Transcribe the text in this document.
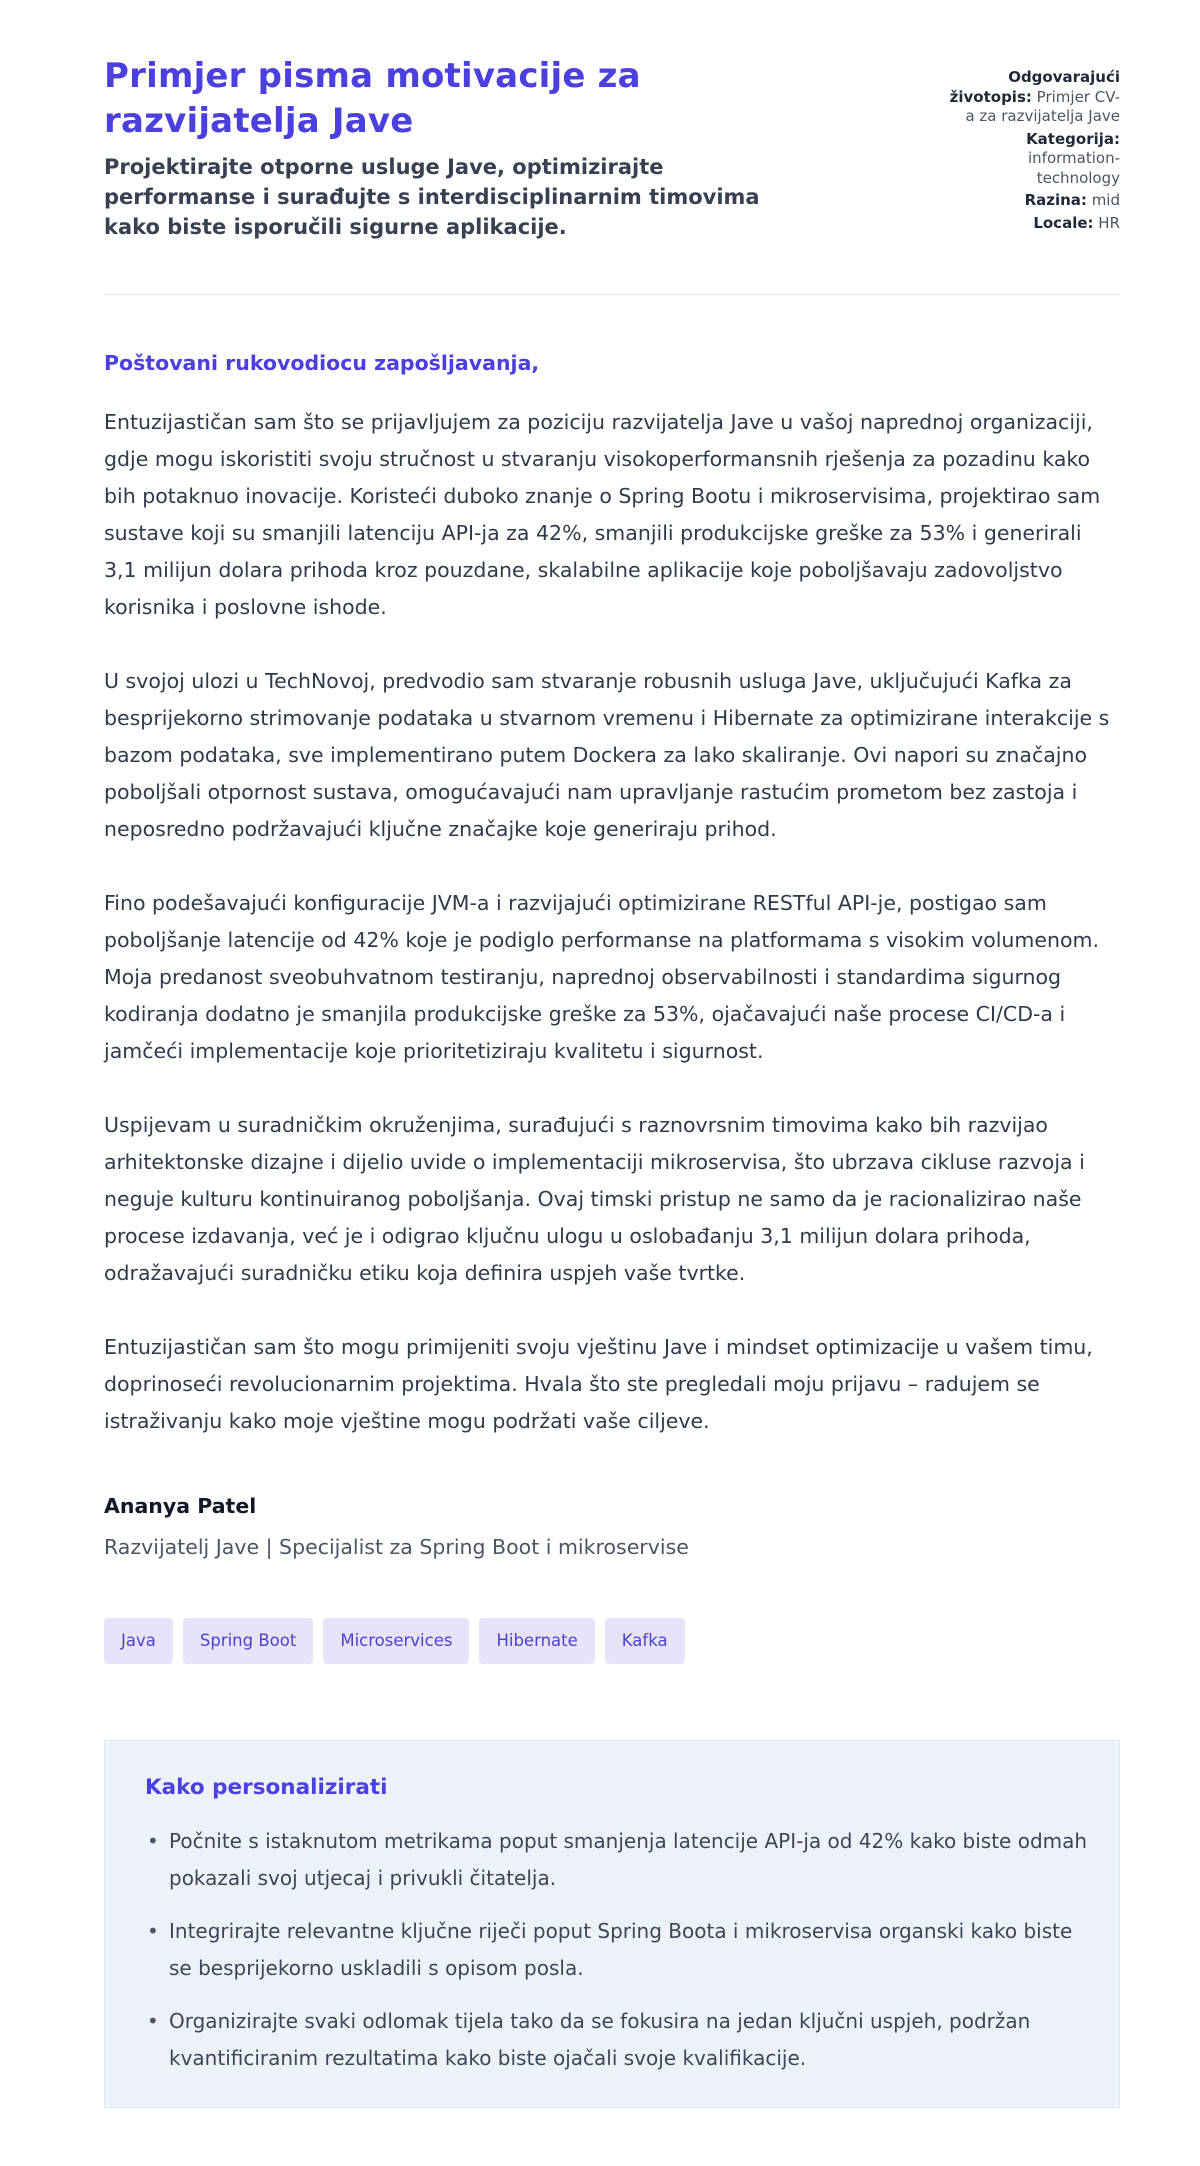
Primjer pisma motivacije za razvijatelja Jave

Projektirajte otporne usluge Jave, optimizirajte performanse i surađujte s interdisciplinarnim timovima kako biste isporučili sigurne aplikacije.

Odgovarajući životopis: Primjer CV-a za razvijatelja Jave
Kategorija: information-technology
Razina: mid
Locale: HR

Poštovani rukovodiocu zapošljavanja,

Entuzijastičan sam što se prijavljujem za poziciju razvijatelja Jave u vašoj naprednoj organizaciji, gdje mogu iskoristiti svoju stručnost u stvaranju visokoperformansnih rješenja za pozadinu kako bih potaknuo inovacije. Koristeći duboko znanje o Spring Bootu i mikroservisima, projektirao sam sustave koji su smanjili latenciju API-ja za 42%, smanjili produkcijske greške za 53% i generirali 3,1 milijun dolara prihoda kroz pouzdane, skalabilne aplikacije koje poboljšavaju zadovoljstvo korisnika i poslovne ishode.

U svojoj ulozi u TechNovoj, predvodio sam stvaranje robusnih usluga Jave, uključujući Kafka za besprijekorno strimovanje podataka u stvarnom vremenu i Hibernate za optimizirane interakcije s bazom podataka, sve implementirano putem Dockera za lako skaliranje. Ovi napori su značajno poboljšali otpornost sustava, omogućavajući nam upravljanje rastućim prometom bez zastoja i neposredno podržavajući ključne značajke koje generiraju prihod.

Fino podešavajući konfiguracije JVM-a i razvijajući optimizirane RESTful API-je, postigao sam poboljšanje latencije od 42% koje je podiglo performanse na platformama s visokim volumenom. Moja predanost sveobuhvatnom testiranju, naprednoj observabilnosti i standardima sigurnog kodiranja dodatno je smanjila produkcijske greške za 53%, ojačavajući naše procese CI/CD-a i jamčeći implementacije koje prioritetiziraju kvalitetu i sigurnost.

Uspijevam u suradničkim okruženjima, surađujući s raznovrsnim timovima kako bih razvijao arhitektonske dizajne i dijelio uvide o implementaciji mikroservisa, što ubrzava cikluse razvoja i neguje kulturu kontinuiranog poboljšanja. Ovaj timski pristup ne samo da je racionalizirao naše procese izdavanja, već je i odigrao ključnu ulogu u oslobađanju 3,1 milijun dolara prihoda, odražavajući suradničku etiku koja definira uspjeh vaše tvrtke.

Entuzijastičan sam što mogu primijeniti svoju vještinu Jave i mindset optimizacije u vašem timu, doprinoseći revolucionarnim projektima. Hvala što ste pregledali moju prijavu – radujem se istraživanju kako moje vještine mogu podržati vaše ciljeve.

Ananya Patel

Razvijatelj Jave | Specijalist za Spring Boot i mikroservise

Java	Spring Boot	Microservices	Hibernate	Kafka
Kako personalizirati
• Počnite s istaknutom metrikama poput smanjenja latencije API-ja od 42% kako biste odmah pokazali svoj utjecaj i privukli čitatelja.
• Integrirajte relevantne ključne riječi poput Spring Boota i mikroservisa organski kako biste se besprijekorno uskladili s opisom posla.
• Organizirajte svaki odlomak tijela tako da se fokusira na jedan ključni uspjeh, podržan kvantificiranim rezultatima kako biste ojačali svoje kvalifikacije.
